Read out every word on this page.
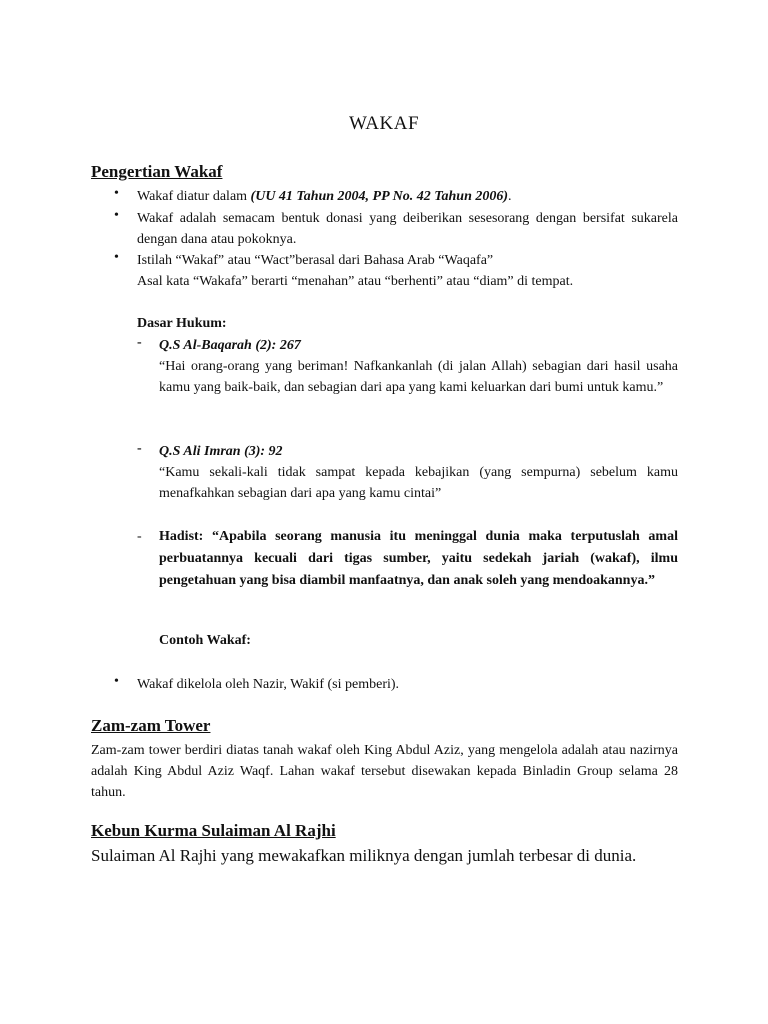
WAKAF
Pengertian Wakaf
• Wakaf diatur dalam (UU 41 Tahun 2004, PP No. 42 Tahun 2006).
• Wakaf adalah semacam bentuk donasi yang deiberikan sesesorang dengan bersifat sukarela dengan dana atau pokoknya.
• Istilah “Wakaf” atau “Wact”berasal dari Bahasa Arab “Waqafa”
Asal kata “Wakafa” berarti “menahan” atau “berhenti” atau “diam” di tempat.
Dasar Hukum:
- Q.S Al-Baqarah (2): 267
“Hai orang-orang yang beriman! Nafkankanlah (di jalan Allah) sebagian dari hasil usaha kamu yang baik-baik, dan sebagian dari apa yang kami keluarkan dari bumi untuk kamu.”
- Q.S Ali Imran (3): 92
“Kamu sekali-kali tidak sampat kepada kebajikan (yang sempurna) sebelum kamu menafkahkan sebagian dari apa yang kamu cintai”
- Hadist: “Apabila seorang manusia itu meninggal dunia maka terputuslah amal perbuatannya kecuali dari tigas sumber, yaitu sedekah jariah (wakaf), ilmu pengetahuan yang bisa diambil manfaatnya, dan anak soleh yang mendoakannya.”
Contoh Wakaf:
• Wakaf dikelola oleh Nazir, Wakif (si pemberi).
Zam-zam Tower
Zam-zam tower berdiri diatas tanah wakaf oleh King Abdul Aziz, yang mengelola adalah atau nazirnya adalah King Abdul Aziz Waqf. Lahan wakaf tersebut disewakan kepada Binladin Group selama 28 tahun.
Kebun Kurma Sulaiman Al Rajhi
Sulaiman Al Rajhi yang mewakafkan miliknya dengan jumlah terbesar di dunia.
